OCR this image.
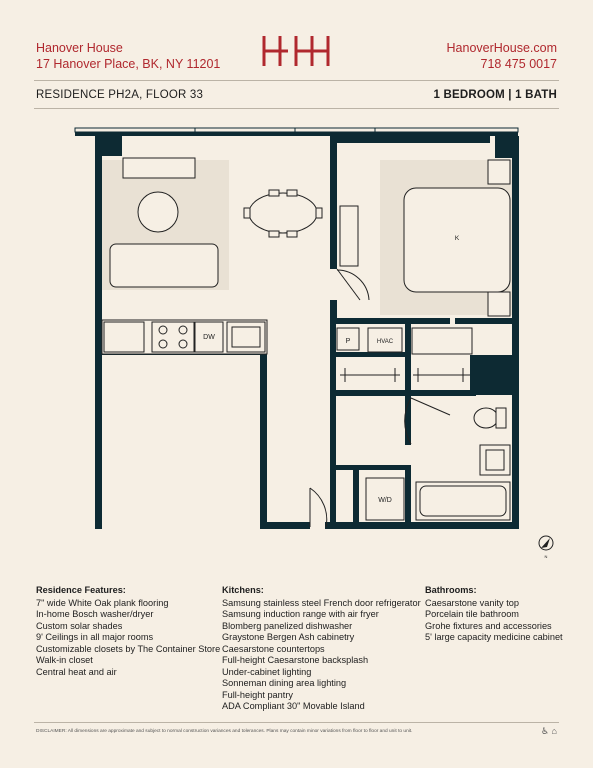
Hanover House
17 Hanover Place, BK, NY 11201
HanoverHouse.com
718 475 0017
RESIDENCE PH2A, FLOOR 33	1 BEDROOM | 1 BATH
K
DW
P	HVAC
W/D
N
Residence Features:
7" wide White Oak plank flooring
In-home Bosch washer/dryer
Custom solar shades
9' Ceilings in all major rooms
Customizable closets by The Container Store
Walk-in closet
Central heat and air
Kitchens:
Samsung stainless steel French door refrigerator
Samsung induction range with air fryer
Blomberg panelized dishwasher
Graystone Bergen Ash cabinetry
Caesarstone countertops
Full-height Caesarstone backsplash
Under-cabinet lighting
Sonneman dining area lighting
Full-height pantry
ADA Compliant 30" Movable Island
Bathrooms:
Caesarstone vanity top
Porcelain tile bathroom
Grohe fixtures and accessories
5' large capacity medicine cabinet
DISCLAIMER: All dimensions are approximate and subject to normal construction variances and tolerances. Plans may contain minor variations from floor to floor and unit to unit.	♿ ⌂
